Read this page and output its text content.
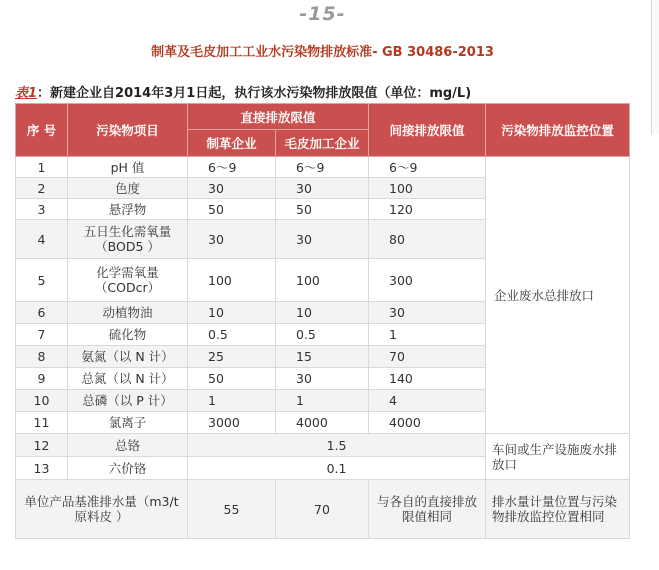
-15-
制革及毛皮加工工业水污染物排放标准- GB 30486-2013
表1：新建企业自2014年3月1日起，执行该水污染物排放限值（单位：mg/L)
序 号	污染物项目	直接排放限值		间接排放限值	污染物排放监控位置
		制革企业	毛皮加工企业		
1	pH 值	6～9	6～9	6～9	企业废水总排放口
2	色度	30	30	100	
3	悬浮物	50	50	120	
4	五日生化需氧量（BOD5 ）	30	30	80	
5	化学需氧量（CODcr）	100	100	300	
6	动植物油	10	10	30	
7	硫化物	0.5	0.5	1	
8	氨氮（以 N 计）	25	15	70	
9	总氮（以 N 计）	50	30	140	
10	总磷（以 P 计）	1	1	4	
11	氯离子	3000	4000	4000	
12	总铬	1.5			车间或生产设施废水排放口
13	六价铬	0.1			
单位产品基准排水量（m3/t原料皮 ）		55	70	与各自的直接排放限值相同	排水量计量位置与污染物排放监控位置相同
